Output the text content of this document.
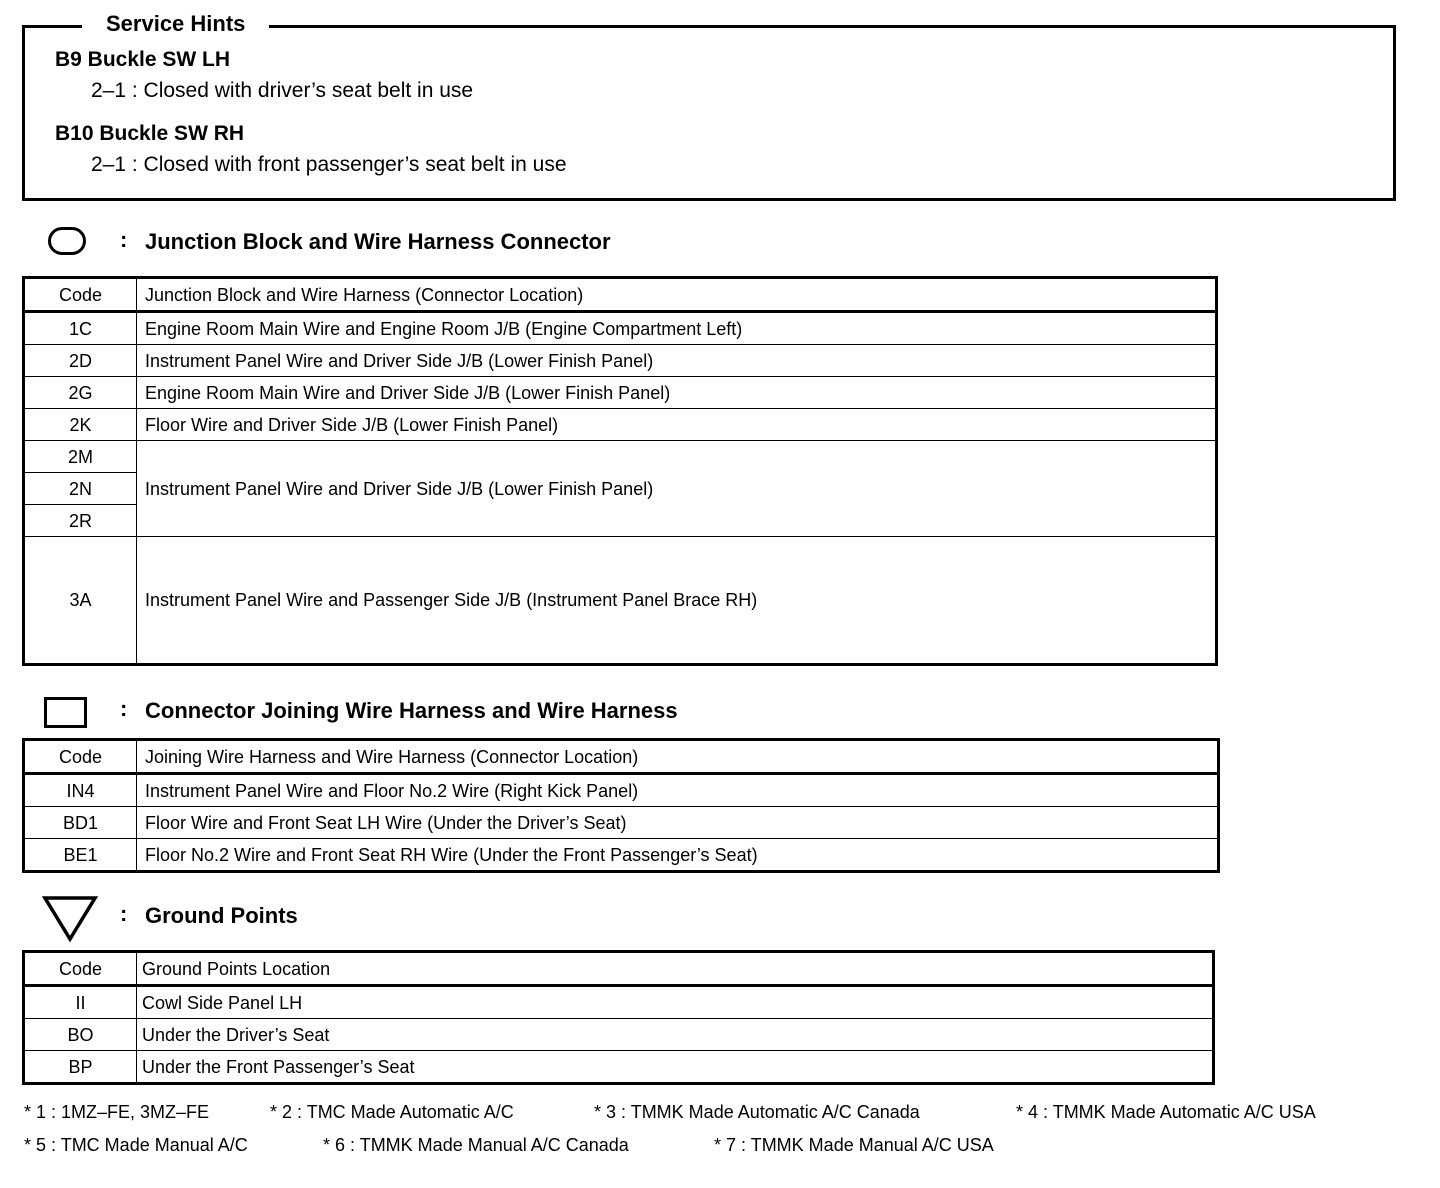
Service Hints
B9 Buckle SW LH
2–1 : Closed with driver’s seat belt in use
B10 Buckle SW RH
2–1 : Closed with front passenger’s seat belt in use
: Junction Block and Wire Harness Connector
Code	Junction Block and Wire Harness (Connector Location)
1C	Engine Room Main Wire and Engine Room J/B (Engine Compartment Left)
2D	Instrument Panel Wire and Driver Side J/B (Lower Finish Panel)
2G	Engine Room Main Wire and Driver Side J/B (Lower Finish Panel)
2K	Floor Wire and Driver Side J/B (Lower Finish Panel)
2M	Instrument Panel Wire and Driver Side J/B (Lower Finish Panel)
2N	
2R	
3A	Instrument Panel Wire and Passenger Side J/B (Instrument Panel Brace RH)
: Connector Joining Wire Harness and Wire Harness
Code	Joining Wire Harness and Wire Harness (Connector Location)
IN4	Instrument Panel Wire and Floor No.2 Wire (Right Kick Panel)
BD1	Floor Wire and Front Seat LH Wire (Under the Driver’s Seat)
BE1	Floor No.2 Wire and Front Seat RH Wire (Under the Front Passenger’s Seat)
: Ground Points
Code	Ground Points Location
II	Cowl Side Panel LH
BO	Under the Driver’s Seat
BP	Under the Front Passenger’s Seat
* 1 : 1MZ–FE, 3MZ–FE	* 2 : TMC Made Automatic A/C	* 3 : TMMK Made Automatic A/C Canada	* 4 : TMMK Made Automatic A/C USA
* 5 : TMC Made Manual A/C	* 6 : TMMK Made Manual A/C Canada	* 7 : TMMK Made Manual A/C USA
